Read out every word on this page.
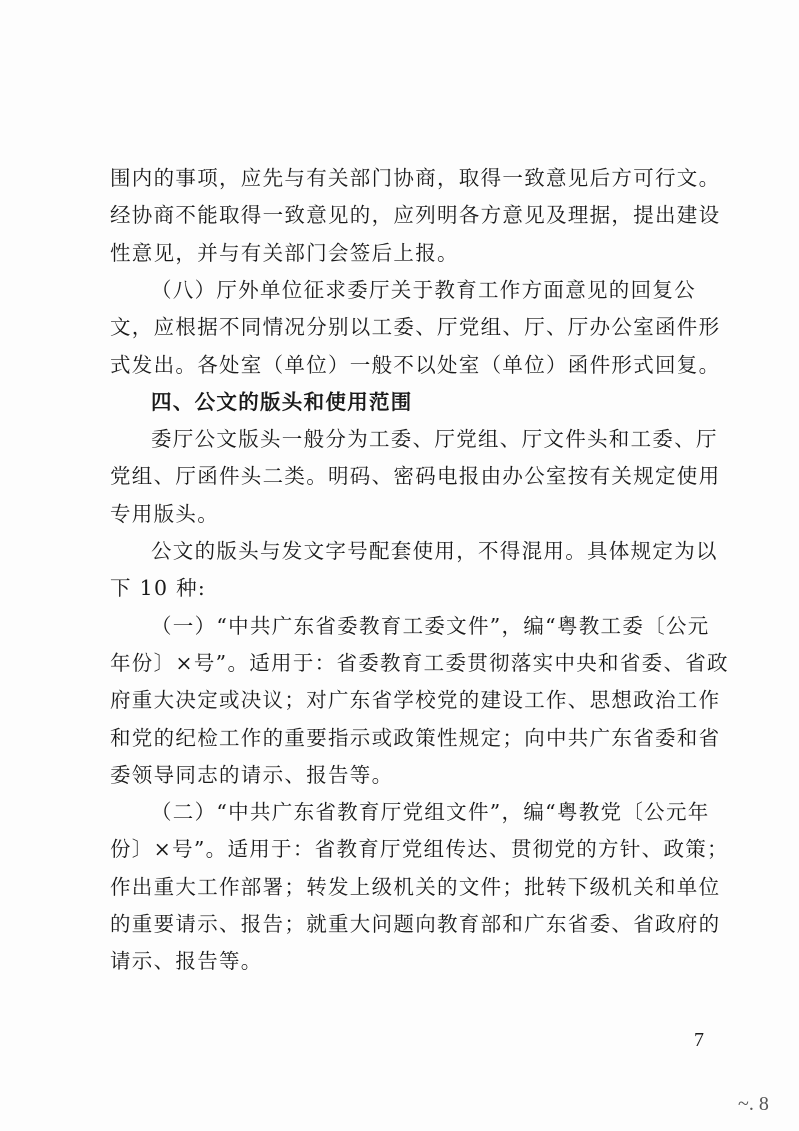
围内的事项，应先与有关部门协商，取得一致意见后方可行文。
经协商不能取得一致意见的，应列明各方意见及理据，提出建设
性意见，并与有关部门会签后上报。
（八）厅外单位征求委厅关于教育工作方面意见的回复公
文，应根据不同情况分别以工委、厅党组、厅、厅办公室函件形
式发出。各处室（单位）一般不以处室（单位）函件形式回复。
四、公文的版头和使用范围
委厅公文版头一般分为工委、厅党组、厅文件头和工委、厅
党组、厅函件头二类。明码、密码电报由办公室按有关规定使用
专用版头。
公文的版头与发文字号配套使用，不得混用。具体规定为以
下 10 种:
（一）“中共广东省委教育工委文件”，编“粤教工委〔公元
年份〕×号”。适用于：省委教育工委贯彻落实中央和省委、省政
府重大决定或决议；对广东省学校党的建设工作、思想政治工作
和党的纪检工作的重要指示或政策性规定；向中共广东省委和省
委领导同志的请示、报告等。
（二）“中共广东省教育厅党组文件”，编“粤教党〔公元年
份〕×号”。适用于：省教育厅党组传达、贯彻党的方针、政策；
作出重大工作部署；转发上级机关的文件；批转下级机关和单位
的重要请示、报告；就重大问题向教育部和广东省委、省政府的
请示、报告等。
7
~. 8
